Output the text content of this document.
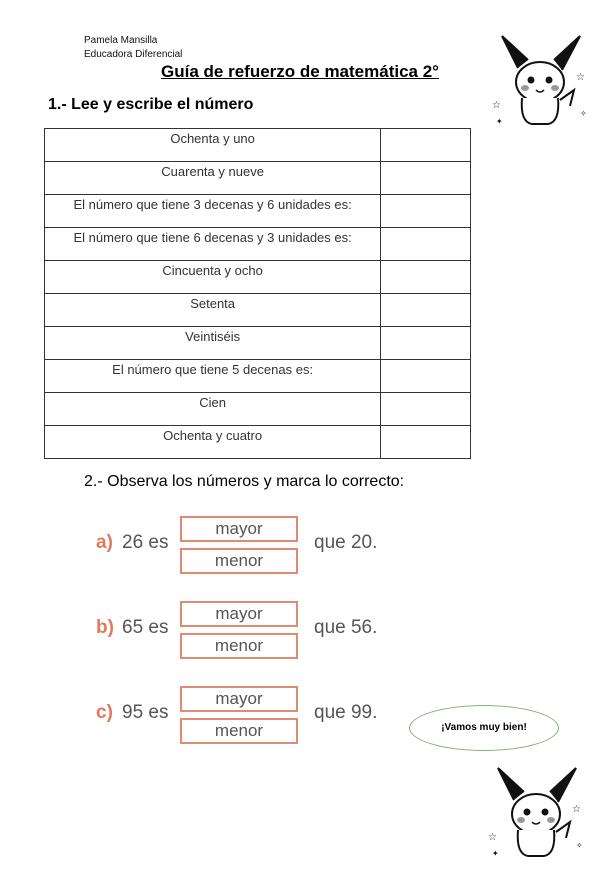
Pamela Mansilla
Educadora Diferencial
Guía de refuerzo de matemática 2°
1.- Lee y escribe el número
Ochenta y uno	
Cuarenta y nueve	
El número que tiene 3 decenas y 6 unidades es:	
El número que tiene 6 decenas y 3 unidades es:	
Cincuenta y ocho	
Setenta	
Veintiséis	
El número que tiene 5 decenas es:	
Cien	
Ochenta y cuatro	
2.- Observa los números y marca lo correcto:
a) 26 es
mayor
menor
que 20.
b) 65 es
mayor
menor
que 56.
c) 95 es
mayor
menor
que 99.
¡Vamos muy bien!
☆
☆
✦
✧
☆
☆
✦
✧
